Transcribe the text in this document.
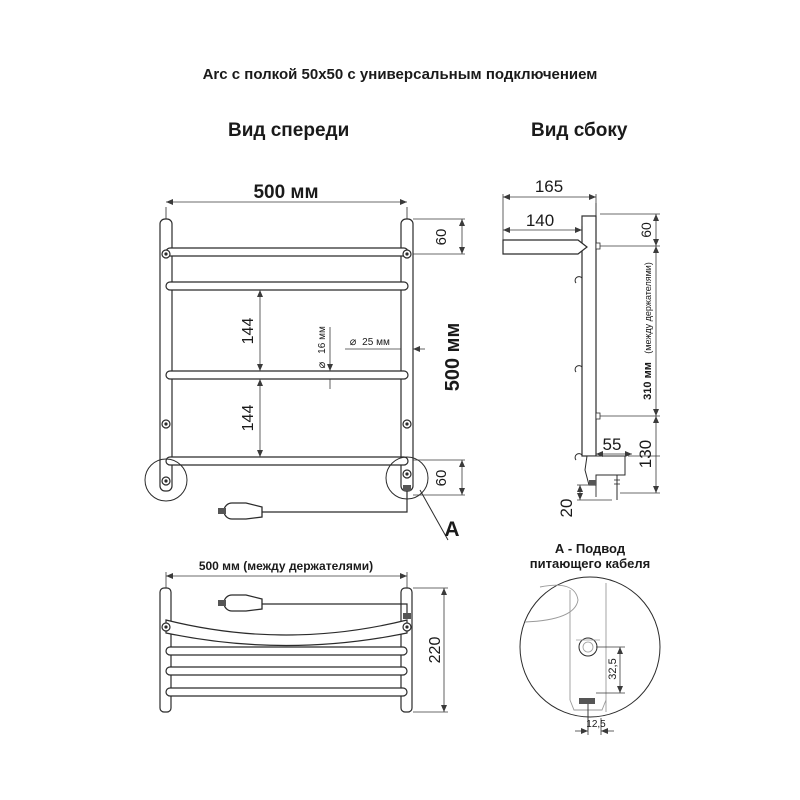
Arc с полкой 50x50 с универсальным подключением
Вид спереди	Вид сбоку
А - Подвод
питающего кабеля
500 мм
500 мм
60
60
144
144
⌀
16 мм ⌀ 25 мм
А
165
140	60
310 мм (между держателями)
130
55
20
500 мм (между держателями)
220
32,5
12,5
